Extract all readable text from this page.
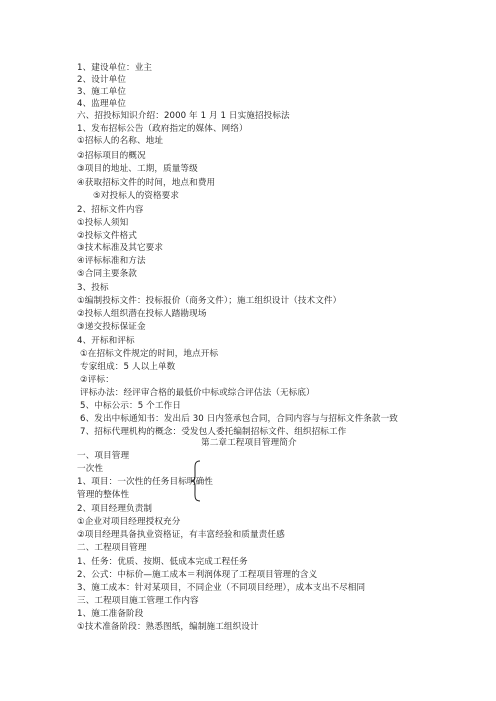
1、建设单位：业主
2、设计单位
3、施工单位
4、监理单位
六、招投标知识介绍：2000 年 1 月 1 日实施招投标法
1、发布招标公告（政府指定的媒体、网络）
①招标人的名称、地址
②招标项目的概况
③项目的地址、工期，质量等级
④获取招标文件的时间，地点和费用
⑤对投标人的资格要求
2、招标文件内容
①投标人须知
②投标文件格式
③技术标准及其它要求
④评标标准和方法
⑤合同主要条款
3、投标
①编制投标文件：投标报价（商务文件）；施工组织设计（技术文件）
②投标人组织潜在投标人踏勘现场
③递交投标保证金
4、开标和评标
①在招标文件规定的时间，地点开标
专家组成：5 人以上单数
②评标：
评标办法：经评审合格的最低价中标或综合评估法（无标底）
5、中标公示：5 个工作日
6、发出中标通知书：发出后 30 日内签承包合同，合同内容与与招标文件条款一致
7、招标代理机构的概念：受发包人委托编制招标文件、组织招标工作
第二章工程项目管理简介
一、项目管理
一次性
1、项目：一次性的任务目标明确性
管理的整体性
2、项目经理负责制
①企业对项目经理授权充分
②项目经理具备执业资格证，有丰富经验和质量责任感
二、工程项目管理
1、任务：优质、按期、低成本完成工程任务
2、公式：中标价—施工成本＝利润体现了工程项目管理的含义
3、施工成本：针对某项目，不同企业（不同项目经理），成本支出不尽相同
三、工程项目施工管理工作内容
1、施工准备阶段
①技术准备阶段：熟悉图纸，编制施工组织设计
